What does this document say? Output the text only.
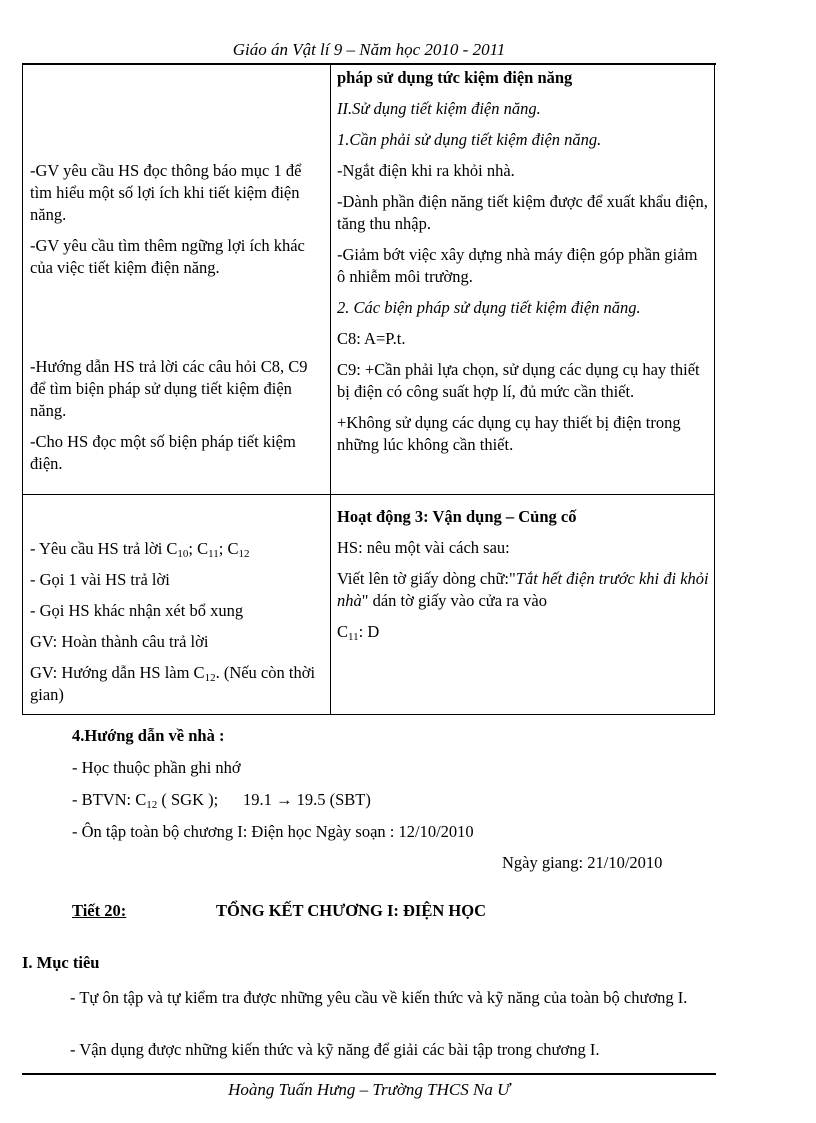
Giáo án Vật lí 9 – Năm học 2010 - 2011
-GV yêu cầu HS đọc thông báo mục 1 để tìm hiểu một số lợi ích khi tiết kiệm điện năng.
-GV yêu cầu tìm thêm ngững lợi ích khác của việc tiết kiệm điện năng.
-Hướng dẫn HS trả lời các câu hỏi C8, C9 để tìm biện pháp sử dụng tiết kiệm điện năng.
-Cho HS đọc một số biện pháp tiết kiệm điện.
pháp sử dụng tức kiệm điện năng
II.Sử dụng tiết kiệm điện năng.
1.Cần phải sử dụng tiết kiệm điện năng.
-Ngắt điện khi ra khỏi nhà.
-Dành phần điện năng tiết kiệm được để xuất khẩu điện, tăng thu nhập.
-Giảm bớt việc xây dựng nhà máy điện góp phần giảm ô nhiễm môi trường.
2. Các biện pháp sử dụng tiết kiệm điện năng.
C8: A=P.t.
C9: +Cần phải lựa chọn, sử dụng các dụng cụ hay thiết bị điện có công suất hợp lí, đủ mức cần thiết.
+Không sử dụng các dụng cụ hay thiết bị điện trong những lúc không cần thiết.
- Yêu cầu HS trả lời $C_{10}$; $C_{11}$; $C_{12}$
- Gọi 1 vài HS trả lời
- Gọi HS khác nhận xét bổ xung
GV: Hoàn thành câu trả lời
GV: Hướng dẫn HS làm $C_{12}$. (Nếu còn thời gian)
Hoạt động 3: Vận dụng – Củng cố
HS: nêu một vài cách sau:
Viết lên tờ giấy dòng chữ:"Tắt hết điện trước khi đi khỏi nhà" dán tờ giấy vào cửa ra vào
$C_{11}$: D
4.Hướng dẫn về nhà :
- Học thuộc phần ghi nhớ
- BTVN: $C_{12}$ ( SGK ); 19.1 → 19.5 (SBT)
- Ôn tập toàn bộ chương I: Điện học Ngày soạn : 12/10/2010
Ngày giang: 21/10/2010
Tiết 20:	TỔNG KẾT CHƯƠNG I: ĐIỆN HỌC
I. Mục tiêu
- Tự ôn tập và tự kiểm tra được những yêu cầu về kiến thức và kỹ năng của toàn bộ chương I.
- Vận dụng được những kiến thức và kỹ năng để giải các bài tập trong chương I.
Hoàng Tuấn Hưng – Trường THCS Na Ư
